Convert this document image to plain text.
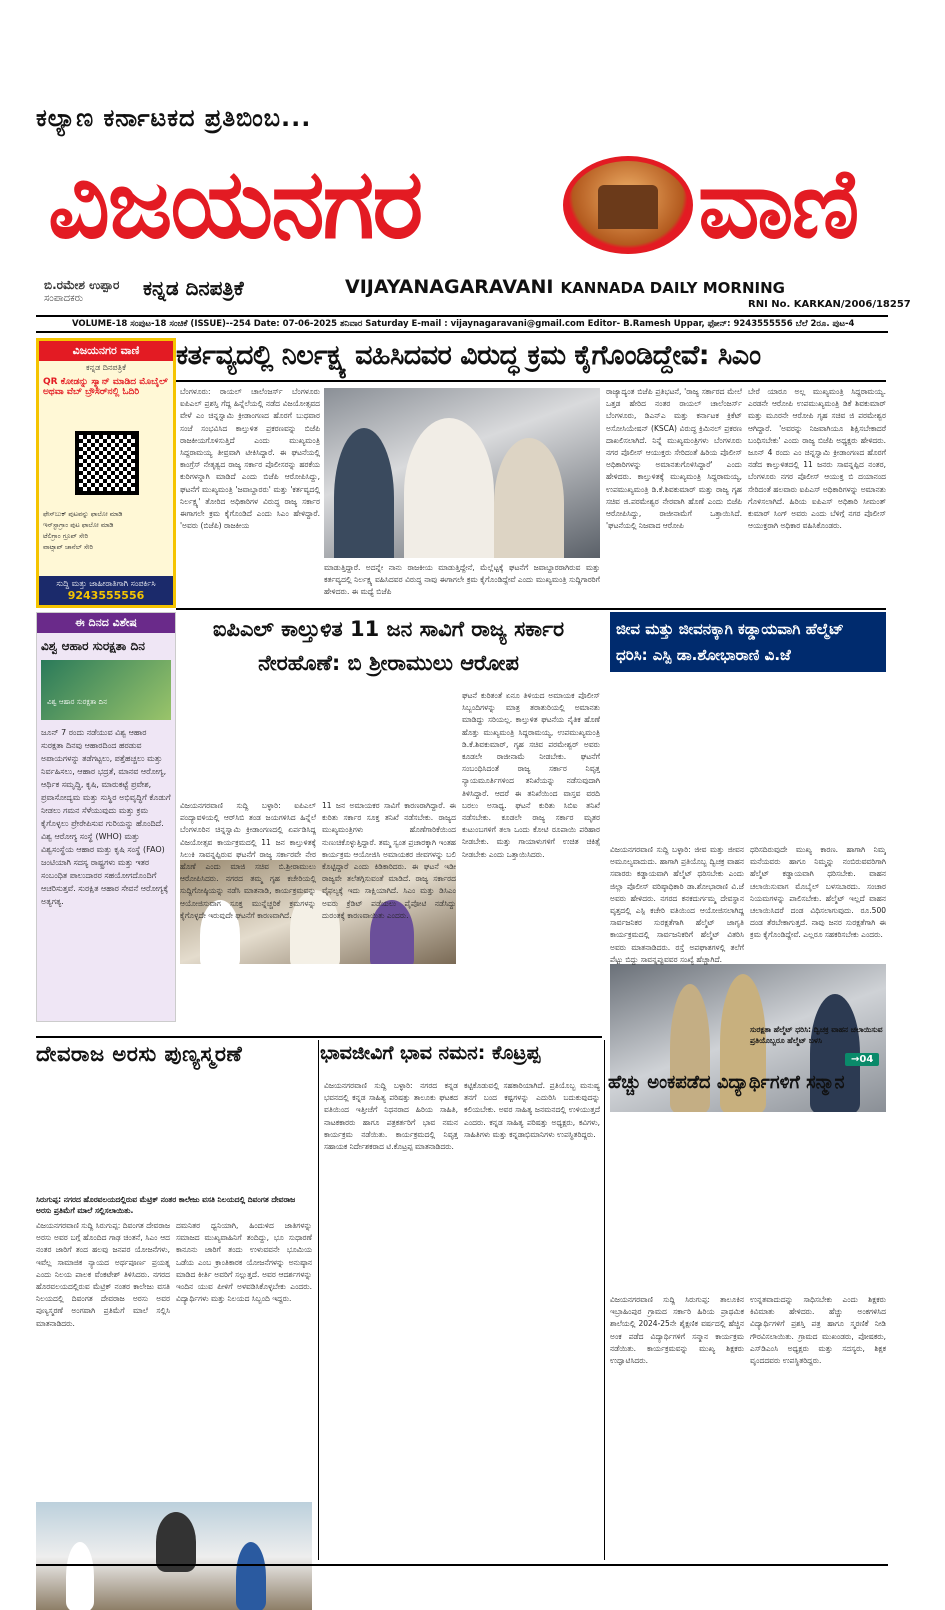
ಕಲ್ಯಾಣ ಕರ್ನಾಟಕದ ಪ್ರತಿಬಿಂಬ...
ವಿಜಯನಗರ	ವಾಣಿ
ಬಿ.ರಮೇಶ ಉಪ್ಪಾರ
ಸಂಪಾದಕರು	ಕನ್ನಡ ದಿನಪತ್ರಿಕೆ	VIJAYANAGARAVANI KANNADA DAILY MORNING
RNI No. KARKAN/2006/18257
VOLUME-18 ಸಂಪುಟ-18 ಸಂಚಿಕೆ (ISSUE)--254 Date: 07-06-2025 ಶನಿವಾರ Saturday E-mail : vijaynagaravani@gmail.com Editor- B.Ramesh Uppar, ಫೋನ್: 9243555556 ಬೆಲೆ 2ರೂ. ಪುಟ-4
ವಿಜಯನಗರ ವಾಣಿ
ಕನ್ನಡ ದಿನಪತ್ರಿಕೆ
QR ಕೋಡನ್ನು ಸ್ಕ್ಯಾನ್ ಮಾಡಿದ ಮೊಬೈಲ್ ಅಥವಾ ವೆಬ್ ಬ್ರೌಸರ್‌ನಲ್ಲಿ ಓದಿರಿ
ಫೇಸ್‌ಬುಕ್ ಪುಟವನ್ನು ಫಾಲೋ ಮಾಡಿ
ಇನ್‌ಸ್ಟಾಗ್ರಾಂ ಪುಟ ಫಾಲೋ ಮಾಡಿ
ಟೆಲಿಗ್ರಾಂ ಗ್ರೂಪ್ ಸೇರಿ
ವಾಟ್ಸಾಪ್ ಚಾನೆಲ್ ಸೇರಿ
ಸುದ್ದಿ ಮತ್ತು ಜಾಹೀರಾತಿಗಾಗಿ ಸಂಪರ್ಕಿಸಿ
9243555556
ಈ ದಿನದ ವಿಶೇಷ
ವಿಶ್ವ ಆಹಾರ ಸುರಕ್ಷತಾ ದಿನ
ವಿಶ್ವ ಆಹಾರ ಸುರಕ್ಷತಾ ದಿನ
ಜೂನ್ 7 ರಂದು ನಡೆಯುವ ವಿಶ್ವ ಆಹಾರ ಸುರಕ್ಷತಾ ದಿನವು ಆಹಾರದಿಂದ ಹರಡುವ ಅಪಾಯಗಳನ್ನು ತಡೆಗಟ್ಟಲು, ಪತ್ತೆಹಚ್ಚಲು ಮತ್ತು ನಿರ್ವಹಿಸಲು, ಆಹಾರ ಭದ್ರತೆ, ಮಾನವ ಆರೋಗ್ಯ, ಆರ್ಥಿಕ ಸಮೃದ್ಧಿ, ಕೃಷಿ, ಮಾರುಕಟ್ಟೆ ಪ್ರವೇಶ, ಪ್ರವಾಸೋದ್ಯಮ ಮತ್ತು ಸುಸ್ಥಿರ ಅಭಿವೃದ್ಧಿಗೆ ಕೊಡುಗೆ ನೀಡಲು ಗಮನ ಸೆಳೆಯುವುದು ಮತ್ತು ಕ್ರಮ ಕೈಗೊಳ್ಳಲು ಪ್ರೇರೇಪಿಸುವ ಗುರಿಯನ್ನು ಹೊಂದಿದೆ. ವಿಶ್ವ ಆರೋಗ್ಯ ಸಂಸ್ಥೆ (WHO) ಮತ್ತು ವಿಶ್ವಸಂಸ್ಥೆಯ ಆಹಾರ ಮತ್ತು ಕೃಷಿ ಸಂಸ್ಥೆ (FAO) ಜಂಟಿಯಾಗಿ ಸದಸ್ಯ ರಾಷ್ಟ್ರಗಳು ಮತ್ತು ಇತರ ಸಂಬಂಧಿತ ಪಾಲುದಾರರ ಸಹಯೋಗದೊಂದಿಗೆ ಆಚರಿಸುತ್ತವೆ. ಸುರಕ್ಷಿತ ಆಹಾರ ಸೇವನೆ ಆರೋಗ್ಯಕ್ಕೆ ಅತ್ಯಗತ್ಯ.
ಕರ್ತವ್ಯದಲ್ಲಿ ನಿರ್ಲಕ್ಷ್ಯ ವಹಿಸಿದವರ ವಿರುದ್ಧ ಕ್ರಮ ಕೈಗೊಂಡಿದ್ದೇವೆ: ಸಿಎಂ
ಬೆಂಗಳೂರು: ರಾಯಲ್ ಚಾಲೆಂಜರ್ಸ್ ಬೆಂಗಳೂರು ಐಪಿಎಲ್ ಪ್ರಶಸ್ತಿ ಗೆದ್ದ ಹಿನ್ನೆಲೆಯಲ್ಲಿ ನಡೆದ ವಿಜಯೋತ್ಸವದ ವೇಳೆ ಎಂ ಚಿನ್ನಸ್ವಾಮಿ ಕ್ರೀಡಾಂಗಣದ ಹೊರಗೆ ಬುಧವಾರ ಸಂಜೆ ಸಂಭವಿಸಿದ ಕಾಲ್ತುಳಿತ ಪ್ರಕರಣವನ್ನು ಬಿಜೆಪಿ ರಾಜಕೀಯಗೊಳಿಸುತ್ತಿದೆ ಎಂದು ಮುಖ್ಯಮಂತ್ರಿ ಸಿದ್ದರಾಮಯ್ಯ ತೀವ್ರವಾಗಿ ಟೀಕಿಸಿದ್ದಾರೆ. ಈ ಘಟನೆಯಲ್ಲಿ ಕಾಂಗ್ರೆಸ್ ನೇತೃತ್ವದ ರಾಜ್ಯ ಸರ್ಕಾರ ಪೊಲೀಸರನ್ನು ಹರಕೆಯ ಕುರಿಗಳನ್ನಾಗಿ ಮಾಡಿದೆ ಎಂದು ಬಿಜೆಪಿ ಆರೋಪಿಸಿದ್ದು, ಘಟನೆಗೆ ಮುಖ್ಯಮಂತ್ರಿ 'ಜವಾಬ್ದಾರರು' ಮತ್ತು 'ಕರ್ತವ್ಯದಲ್ಲಿ ನಿರ್ಲಕ್ಷ್ಯ' ತೋರಿದ ಅಧಿಕಾರಿಗಳ ವಿರುದ್ಧ ರಾಜ್ಯ ಸರ್ಕಾರ ಈಗಾಗಲೇ ಕ್ರಮ ಕೈಗೊಂಡಿದೆ ಎಂದು ಸಿಎಂ ಹೇಳಿದ್ದಾರೆ. 'ಅವರು (ಬಿಜೆಪಿ) ರಾಜಕೀಯ
ಮಾಡುತ್ತಿದ್ದಾರೆ. ಅದನ್ನೇ ನಾನು ರಾಜಕೀಯ ಮಾಡುತ್ತಿದ್ದೇನೆ, ಮೆಲ್ಲೆಟ್ಟಕ್ಕೆ ಘಟನೆಗೆ ಜವಾಬ್ದಾರರಾಗಿರುವ ಮತ್ತು ಕರ್ತವ್ಯದಲ್ಲಿ ನಿರ್ಲಕ್ಷ್ಯ ವಹಿಸಿದವರ ವಿರುದ್ಧ ನಾವು ಈಗಾಗಲೇ ಕ್ರಮ ಕೈಗೊಂಡಿದ್ದೇವೆ ಎಂದು ಮುಖ್ಯಮಂತ್ರಿ ಸುದ್ದಿಗಾರರಿಗೆ ಹೇಳಿದರು. ಈ ಮಧ್ಯೆ ಬಿಜೆಪಿ
ರಾಜ್ಯಾದ್ಯಂತ ಬಿಜೆಪಿ ಪ್ರತಿಭಟನೆ, 'ರಾಜ್ಯ ಸರ್ಕಾರದ ಮೇಲೆ ಒತ್ತಡ ಹೇರಿದ ನಂತರ ರಾಯಲ್ ಚಾಲೆಂಜರ್ಸ್ ಬೆಂಗಳೂರು, ಡಿಎನ್‌ಎ ಮತ್ತು ಕರ್ನಾಟಕ ಕ್ರಿಕೆಟ್ ಅಸೋಸಿಯೇಷನ್ (KSCA) ವಿರುದ್ಧ ಕ್ರಿಮಿನಲ್ ಪ್ರಕರಣ ದಾಖಲಿಸಲಾಗಿದೆ. ನಿನ್ನೆ ಮುಖ್ಯಮಂತ್ರಿಗಳು ಬೆಂಗಳೂರು ನಗರ ಪೊಲೀಸ್ ಆಯುಕ್ತರು ಸೇರಿದಂತೆ ಹಿರಿಯ ಪೊಲೀಸ್ ಅಧಿಕಾರಿಗಳನ್ನು ಅಮಾನತುಗೊಳಿಸಿದ್ದಾರೆ' ಎಂದು ಹೇಳಿದರು. ಕಾಲ್ತುಳಿತಕ್ಕೆ ಮುಖ್ಯಮಂತ್ರಿ ಸಿದ್ದರಾಮಯ್ಯ, ಉಪಮುಖ್ಯಮಂತ್ರಿ ಡಿ.ಕೆ.ಶಿವಕುಮಾರ್ ಮತ್ತು ರಾಜ್ಯ ಗೃಹ ಸಚಿವ ಜಿ.ಪರಮೇಶ್ವರ ನೇರವಾಗಿ ಹೊಣೆ ಎಂದು ಬಿಜೆಪಿ ಆರೋಪಿಸಿದ್ದು, ರಾಜೀನಾಮೆಗೆ ಒತ್ತಾಯಿಸಿದೆ. 'ಘಟನೆಯಲ್ಲಿ ನಿಜವಾದ ಆರೋಪಿ
ಬೇರೆ ಯಾರೂ ಅಲ್ಲ ಮುಖ್ಯಮಂತ್ರಿ ಸಿದ್ದರಾಮಯ್ಯ. ಎರಡನೇ ಆರೋಪಿ ಉಪಮುಖ್ಯಮಂತ್ರಿ ಡಿಕೆ ಶಿವಕುಮಾರ್ ಮತ್ತು ಮೂರನೇ ಆರೋಪಿ ಗೃಹ ಸಚಿವ ಜಿ ಪರಮೇಶ್ವರ ಆಗಿದ್ದಾರೆ. 'ಅವರನ್ನು ನಿಜವಾಗಿಯೂ ಶಿಕ್ಷಿಸಬೇಕಾದರೆ ಬಂಧಿಸಬೇಕು' ಎಂದು ರಾಜ್ಯ ಬಿಜೆಪಿ ಅಧ್ಯಕ್ಷರು ಹೇಳಿದರು. ಜೂನ್ 4 ರಂದು ಎಂ ಚಿನ್ನಸ್ವಾಮಿ ಕ್ರೀಡಾಂಗಣದ ಹೊರಗೆ ನಡೆದ ಕಾಲ್ತುಳಿತದಲ್ಲಿ 11 ಜನರು ಸಾವನ್ನಪ್ಪಿದ ನಂತರ, ಬೆಂಗಳೂರು ನಗರ ಪೊಲೀಸ್ ಆಯುಕ್ತ ಬಿ ದಯಾನಂದ ಸೇರಿದಂತೆ ಹಲವಾರು ಐಪಿಎಸ್ ಅಧಿಕಾರಿಗಳನ್ನು ಅಮಾನತು ಗೊಳಿಸಲಾಗಿದೆ. ಹಿರಿಯ ಐಪಿಎಸ್ ಅಧಿಕಾರಿ ಸೀಮಂತ್ ಕುಮಾರ್ ಸಿಂಗ್ ಅವರು ಎಂದು ಬೆಳಿಗ್ಗೆ ನಗರ ಪೊಲೀಸ್ ಆಯುಕ್ತರಾಗಿ ಅಧಿಕಾರ ವಹಿಸಿಕೊಂಡರು.
ಐಪಿಎಲ್ ಕಾಲ್ತುಳಿತ 11 ಜನ ಸಾವಿಗೆ ರಾಜ್ಯ ಸರ್ಕಾರ ನೇರಹೊಣೆ: ಬಿ ಶ್ರೀರಾಮುಲು ಆರೋಪ
ಘಟನೆ ಕುರಿತಂತೆ ಏನೂ ತಿಳಿಯದ ಅಮಾಯಕ ಪೊಲೀಸ್ ಸಿಬ್ಬಂದಿಗಳನ್ನು ಮಾತ್ರ ತರಾತುರಿಯಲ್ಲಿ ಅಮಾನತು ಮಾಡಿದ್ದು ಸರಿಯಲ್ಲ. ಕಾಲ್ತುಳಿತ ಘಟನೆಯ ನೈತಿಕ ಹೊಣೆ ಹೊತ್ತು ಮುಖ್ಯಮಂತ್ರಿ ಸಿದ್ದರಾಮಯ್ಯ, ಉಪಮುಖ್ಯಮಂತ್ರಿ ಡಿ.ಕೆ.ಶಿವಕುಮಾರ್, ಗೃಹ ಸಚಿವ ಪರಮೇಶ್ವರ್ ಅವರು ಕೂಡಲೇ ರಾಜೀನಾಮೆ ನೀಡಬೇಕು. ಘಟನೆಗೆ ಸಂಬಂಧಿಸಿದಂತೆ ರಾಜ್ಯ ಸರ್ಕಾರ ನಿವೃತ್ತ ನ್ಯಾಯಮೂರ್ತಿಗಳಿಂದ ತನಿಖೆಯನ್ನು ನಡೆಸುವುದಾಗಿ ತಿಳಿಸಿದ್ದಾರೆ. ಆದರೆ ಈ ತನಿಖೆಯಿಂದ ವಾಸ್ತವ ವರದಿ ಬರಲು ಅಸಾಧ್ಯ. ಘಟನೆ ಕುರಿತು ಸಿಬಿಐ ತನಿಖೆ ನಡೆಸಬೇಕು. ಕೂಡಲೇ ರಾಜ್ಯ ಸರ್ಕಾರ ಮೃತರ ಕುಟುಂಬಗಳಿಗೆ ತಲಾ ಒಂದು ಕೋಟಿ ರೂಪಾಯಿ ಪರಿಹಾರ ನೀಡಬೇಕು. ಮತ್ತು ಗಾಯಾಳುಗಳಿಗೆ ಉಚಿತ ಚಿಕಿತ್ಸೆ ನೀಡಬೇಕು ಎಂದು ಒತ್ತಾಯಿಸಿದರು.
ವಿಜಯನಗರವಾಣಿ ಸುದ್ದಿ ಬಳ್ಳಾರಿ: ಐಪಿಎಲ್ ಪಂದ್ಯಾವಳಿಯಲ್ಲಿ ಆರ್‌ಸಿಬಿ ತಂಡ ಜಯಗಳಿಸಿದ ಹಿನ್ನೆಲೆ ಬೆಂಗಳೂರಿನ ಚಿನ್ನಸ್ವಾಮಿ ಕ್ರೀಡಾಂಗಣದಲ್ಲಿ ಏರ್ಪಡಿಸಿದ್ದ ವಿಜಯೋತ್ಸವ ಕಾರ್ಯಕ್ರಮದಲ್ಲಿ 11 ಜನ ಕಾಲ್ತುಳಿತಕ್ಕೆ ಸಿಲುಕಿ ಸಾವನ್ನಪ್ಪಿರುವ ಘಟನೆಗೆ ರಾಜ್ಯ ಸರ್ಕಾರವೇ ನೇರ ಹೊಣೆ ಎಂದು ಮಾಜಿ ಸಚಿವ ಬಿ.ಶ್ರೀರಾಮುಲು ಆರೋಪಿಸಿದರು. ನಗರದ ತಮ್ಮ ಗೃಹ ಕಚೇರಿಯಲ್ಲಿ ಸುದ್ದಿಗೋಷ್ಠಿಯನ್ನು ನಡೆಸಿ ಮಾತನಾಡಿ, ಕಾರ್ಯಕ್ರಮವನ್ನು ಆಯೋಜಿಸುವಾಗ ಸೂಕ್ತ ಮುನ್ನೆಚ್ಚರಿಕೆ ಕ್ರಮಗಳನ್ನು ಕೈಗೊಳ್ಳದೇ ಇರುವುದೇ ಘಟನೆಗೆ ಕಾರಣವಾಗಿದೆ.
11 ಜನ ಅಮಾಯಕರ ಸಾವಿಗೆ ಕಾರಣರಾಗಿದ್ದಾರೆ. ಈ ಕುರಿತು ಸರ್ಕಾರ ಸೂಕ್ತ ತನಿಖೆ ನಡೆಸಬೇಕು. ರಾಜ್ಯದ ಮುಖ್ಯಮಂತ್ರಿಗಳು ಹೊಣೆಗಾರಿಕೆಯಿಂದ ನುಣುಚಿಕೊಳ್ಳುತ್ತಿದ್ದಾರೆ. ತಮ್ಮ ಸ್ವಂತ ಪ್ರಚಾರಕ್ಕಾಗಿ ಇಂತಹ ಕಾರ್ಯಕ್ರಮ ಆಯೋಜಿಸಿ ಅಮಾಯಕರ ಜೀವಗಳನ್ನು ಬಲಿ ಕೊಟ್ಟಿದ್ದಾರೆ ಎಂದು ಕಿಡಿಕಾರಿದರು. ಈ ಘಟನೆ ಇಡೀ ರಾಜ್ಯವೇ ತಲೆತಗ್ಗಿಸುವಂತೆ ಮಾಡಿದೆ. ರಾಜ್ಯ ಸರ್ಕಾರದ ವೈಫಲ್ಯಕ್ಕೆ ಇದು ಸಾಕ್ಷಿಯಾಗಿದೆ. ಸಿಎಂ ಮತ್ತು ಡಿಸಿಎಂ ಅವರು ಕ್ರೆಡಿಟ್ ಪಡೆಯಲು ಪೈಪೋಟಿ ನಡೆಸಿದ್ದು ದುರಂತಕ್ಕೆ ಕಾರಣವಾಯಿತು ಎಂದರು.
ಜೀವ ಮತ್ತು ಜೀವನಕ್ಕಾಗಿ ಕಡ್ಡಾಯವಾಗಿ ಹೆಲ್ಮೆಟ್ ಧರಿಸಿ: ಎಸ್ಪಿ ಡಾ.ಶೋಭಾರಾಣಿ ವಿ.ಜೆ
ವಿಜಯನಗರವಾಣಿ ಸುದ್ದಿ ಬಳ್ಳಾರಿ: ಜೀವ ಮತ್ತು ಜೀವನ ಅಮೂಲ್ಯವಾದುದು. ಹಾಗಾಗಿ ಪ್ರತಿಯೊಬ್ಬ ದ್ವಿಚಕ್ರ ವಾಹನ ಸವಾರರು ಕಡ್ಡಾಯವಾಗಿ ಹೆಲ್ಮೆಟ್ ಧರಿಸಬೇಕು ಎಂದು ಜಿಲ್ಲಾ ಪೊಲೀಸ್ ವರಿಷ್ಠಾಧಿಕಾರಿ ಡಾ.ಶೋಭಾರಾಣಿ ವಿ.ಜೆ ಅವರು ಹೇಳಿದರು. ನಗರದ ಕನಕದುರ್ಗಮ್ಮ ದೇವಸ್ಥಾನ ವೃತ್ತದಲ್ಲಿ ಎಸ್ಪಿ ಕಚೇರಿ ವತಿಯಿಂದ ಆಯೋಜಿಸಲಾಗಿದ್ದ ಸಾರ್ವಜನಿಕರ ಸುರಕ್ಷತೆಗಾಗಿ ಹೆಲ್ಮೆಟ್ ಜಾಗೃತಿ ಕಾರ್ಯಕ್ರಮದಲ್ಲಿ ಸಾರ್ವಜನಿಕರಿಗೆ ಹೆಲ್ಮೆಟ್ ವಿತರಿಸಿ ಅವರು ಮಾತನಾಡಿದರು. ರಸ್ತೆ ಅಪಘಾತಗಳಲ್ಲಿ ತಲೆಗೆ ಪೆಟ್ಟು ಬಿದ್ದು ಸಾವನ್ನಪ್ಪುವವರ ಸಂಖ್ಯೆ ಹೆಚ್ಚಾಗಿದೆ.
ಧರಿಸದಿರುವುದೇ ಮುಖ್ಯ ಕಾರಣ. ಹಾಗಾಗಿ ನಿಮ್ಮ ಮನೆಯವರು ಹಾಗೂ ನಿಮ್ಮನ್ನು ನಂಬಿರುವವರಿಗಾಗಿ ಹೆಲ್ಮೆಟ್ ಕಡ್ಡಾಯವಾಗಿ ಧರಿಸಬೇಕು. ವಾಹನ ಚಲಾಯಿಸುವಾಗ ಮೊಬೈಲ್ ಬಳಸಬಾರದು. ಸಂಚಾರ ನಿಯಮಗಳನ್ನು ಪಾಲಿಸಬೇಕು. ಹೆಲ್ಮೆಟ್ ಇಲ್ಲದೆ ವಾಹನ ಚಲಾಯಿಸಿದರೆ ದಂಡ ವಿಧಿಸಲಾಗುವುದು. ರೂ.500 ದಂಡ ತೆರಬೇಕಾಗುತ್ತದೆ. ನಾವು ಜನರ ಸುರಕ್ಷತೆಗಾಗಿ ಈ ಕ್ರಮ ಕೈಗೊಂಡಿದ್ದೇವೆ. ಎಲ್ಲರೂ ಸಹಕರಿಸಬೇಕು ಎಂದರು.
ಸುರಕ್ಷತಾ ಹೆಲ್ಮೆಟ್ ಧರಿಸಿ: ದ್ವಿಚಕ್ರ ವಾಹನ ಚಲಾಯಿಸುವ ಪ್ರತಿಯೊಬ್ಬರೂ ಹೆಲ್ಮೆಟ್ ಬಳಸಿ
→04
ದೇವರಾಜ ಅರಸು ಪುಣ್ಯಸ್ಮರಣೆ
ಸಿರುಗುಪ್ಪ: ನಗರದ ಹೊರವಲಯದಲ್ಲಿರುವ ಮೆಟ್ರಿಕ್ ನಂತರ ಕಾಲೇಜು ವಸತಿ ನಿಲಯದಲ್ಲಿ ದಿವಂಗತ ದೇವರಾಜ ಅರಸು ಪ್ರತಿಮೆಗೆ ಮಾಲೆ ಸಲ್ಲಿಸಲಾಯಿತು.
ವಿಜಯನಗರವಾಣಿ ಸುದ್ದಿ ಸಿರುಗುಪ್ಪ: ದಿವಂಗತ ದೇವರಾಜ ಅರಸು ಅವರ ಬಗ್ಗೆ ಹೊಂದಿದ ಗಾಢ ಚಿಂತನೆ, ಸಿಎಂ ಆದ ನಂತರ ಜಾರಿಗೆ ತಂದ ಹಲವು ಜನಪರ ಯೋಜನೆಗಳು, ಇವೆಲ್ಲ ಸಾಮಾಜಿಕ ನ್ಯಾಯದ ಅರ್ಥಪೂರ್ಣ ಪ್ರಯತ್ನ ಎಂದು ನಿಲಯ ಪಾಲಕ ವೆಂಕಟೇಶ್ ತಿಳಿಸಿದರು. ನಗರದ ಹೊರವಲಯದಲ್ಲಿರುವ ಮೆಟ್ರಿಕ್ ನಂತರ ಕಾಲೇಜು ವಸತಿ ನಿಲಯದಲ್ಲಿ ದಿವಂಗತ ದೇವರಾಜ ಅರಸು ಅವರ ಪುಣ್ಯಸ್ಮರಣೆ ಅಂಗವಾಗಿ ಪ್ರತಿಮೆಗೆ ಮಾಲೆ ಸಲ್ಲಿಸಿ ಮಾತನಾಡಿದರು.
ದಮನಿತರ ಧ್ವನಿಯಾಗಿ, ಹಿಂದುಳಿದ ಜಾತಿಗಳನ್ನು ಸಮಾಜದ ಮುಖ್ಯವಾಹಿನಿಗೆ ತಂದಿದ್ದು, ಭೂ ಸುಧಾರಣೆ ಕಾನೂನು ಜಾರಿಗೆ ತಂದು ಉಳುವವನೇ ಭೂಮಿಯ ಒಡೆಯ ಎಂಬ ಕ್ರಾಂತಿಕಾರಕ ಯೋಜನೆಗಳನ್ನು ಅನುಷ್ಠಾನ ಮಾಡಿದ ಕೀರ್ತಿ ಅವರಿಗೆ ಸಲ್ಲುತ್ತದೆ. ಅವರ ಆದರ್ಶಗಳನ್ನು ಇಂದಿನ ಯುವ ಪೀಳಿಗೆ ಅಳವಡಿಸಿಕೊಳ್ಳಬೇಕು ಎಂದರು. ವಿದ್ಯಾರ್ಥಿಗಳು ಮತ್ತು ನಿಲಯದ ಸಿಬ್ಬಂದಿ ಇದ್ದರು.
ಭಾವಜೀವಿಗೆ ಭಾವ ನಮನ: ಕೊಟ್ರಪ್ಪ
ವಿಜಯನಗರವಾಣಿ ಸುದ್ದಿ ಬಳ್ಳಾರಿ: ನಗರದ ಕನ್ನಡ ಭವನದಲ್ಲಿ ಕನ್ನಡ ಸಾಹಿತ್ಯ ಪರಿಷತ್ತು ತಾಲೂಕು ಘಟಕದ ವತಿಯಿಂದ ಇತ್ತೀಚೆಗೆ ನಿಧನರಾದ ಹಿರಿಯ ಸಾಹಿತಿ, ನಾಟಕಕಾರರು ಹಾಗೂ ಪತ್ರಕರ್ತರಿಗೆ ಭಾವ ನಮನ ಕಾರ್ಯಕ್ರಮ ನಡೆಯಿತು. ಕಾರ್ಯಕ್ರಮದಲ್ಲಿ ನಿವೃತ್ತ ಸಹಾಯಕ ನಿರ್ದೇಶಕರಾದ ಟಿ.ಕೊಟ್ರಪ್ಪ ಮಾತನಾಡಿದರು.
ಕಟ್ಟಿಕೊಡುವಲ್ಲಿ ಸಹಕಾರಿಯಾಗಿದೆ. ಪ್ರತಿಯೊಬ್ಬ ಮನುಷ್ಯ ತನಗೆ ಬಂದ ಕಷ್ಟಗಳನ್ನು ಎದುರಿಸಿ ಬದುಕುವುದನ್ನು ಕಲಿಯಬೇಕು. ಅವರ ಸಾಹಿತ್ಯ ಜನಮನದಲ್ಲಿ ಉಳಿಯುತ್ತದೆ ಎಂದರು. ಕನ್ನಡ ಸಾಹಿತ್ಯ ಪರಿಷತ್ತು ಅಧ್ಯಕ್ಷರು, ಕವಿಗಳು, ಸಾಹಿತಿಗಳು ಮತ್ತು ಕನ್ನಡಾಭಿಮಾನಿಗಳು ಉಪಸ್ಥಿತರಿದ್ದರು.
ಹೆಚ್ಚು ಅಂಕಪಡೆದ ವಿದ್ಯಾರ್ಥಿಗಳಿಗೆ ಸನ್ಮಾನ
ವಿಜಯನಗರವಾಣಿ ಸುದ್ದಿ ಸಿರುಗುಪ್ಪ: ತಾಲೂಕಿನ ಇಬ್ರಾಹಿಂಪುರ ಗ್ರಾಮದ ಸರ್ಕಾರಿ ಹಿರಿಯ ಪ್ರಾಥಮಿಕ ಶಾಲೆಯಲ್ಲಿ 2024-25ನೇ ಶೈಕ್ಷಣಿಕ ವರ್ಷದಲ್ಲಿ ಹೆಚ್ಚಿನ ಅಂಕ ಪಡೆದ ವಿದ್ಯಾರ್ಥಿಗಳಿಗೆ ಸನ್ಮಾನ ಕಾರ್ಯಕ್ರಮ ನಡೆಯಿತು. ಕಾರ್ಯಕ್ರಮವನ್ನು ಮುಖ್ಯ ಶಿಕ್ಷಕರು ಉದ್ಘಾಟಿಸಿದರು.
ಉನ್ನತವಾದುದನ್ನು ಸಾಧಿಸಬೇಕು ಎಂದು ಶಿಕ್ಷಕರು ಕಿವಿಮಾತು ಹೇಳಿದರು. ಹೆಚ್ಚು ಅಂಕಗಳಿಸಿದ ವಿದ್ಯಾರ್ಥಿಗಳಿಗೆ ಪ್ರಶಸ್ತಿ ಪತ್ರ ಹಾಗೂ ಸ್ಮರಣಿಕೆ ನೀಡಿ ಗೌರವಿಸಲಾಯಿತು. ಗ್ರಾಮದ ಮುಖಂಡರು, ಪೋಷಕರು, ಎಸ್‌ಡಿಎಂಸಿ ಅಧ್ಯಕ್ಷರು ಮತ್ತು ಸದಸ್ಯರು, ಶಿಕ್ಷಕ ವೃಂದದವರು ಉಪಸ್ಥಿತರಿದ್ದರು.
